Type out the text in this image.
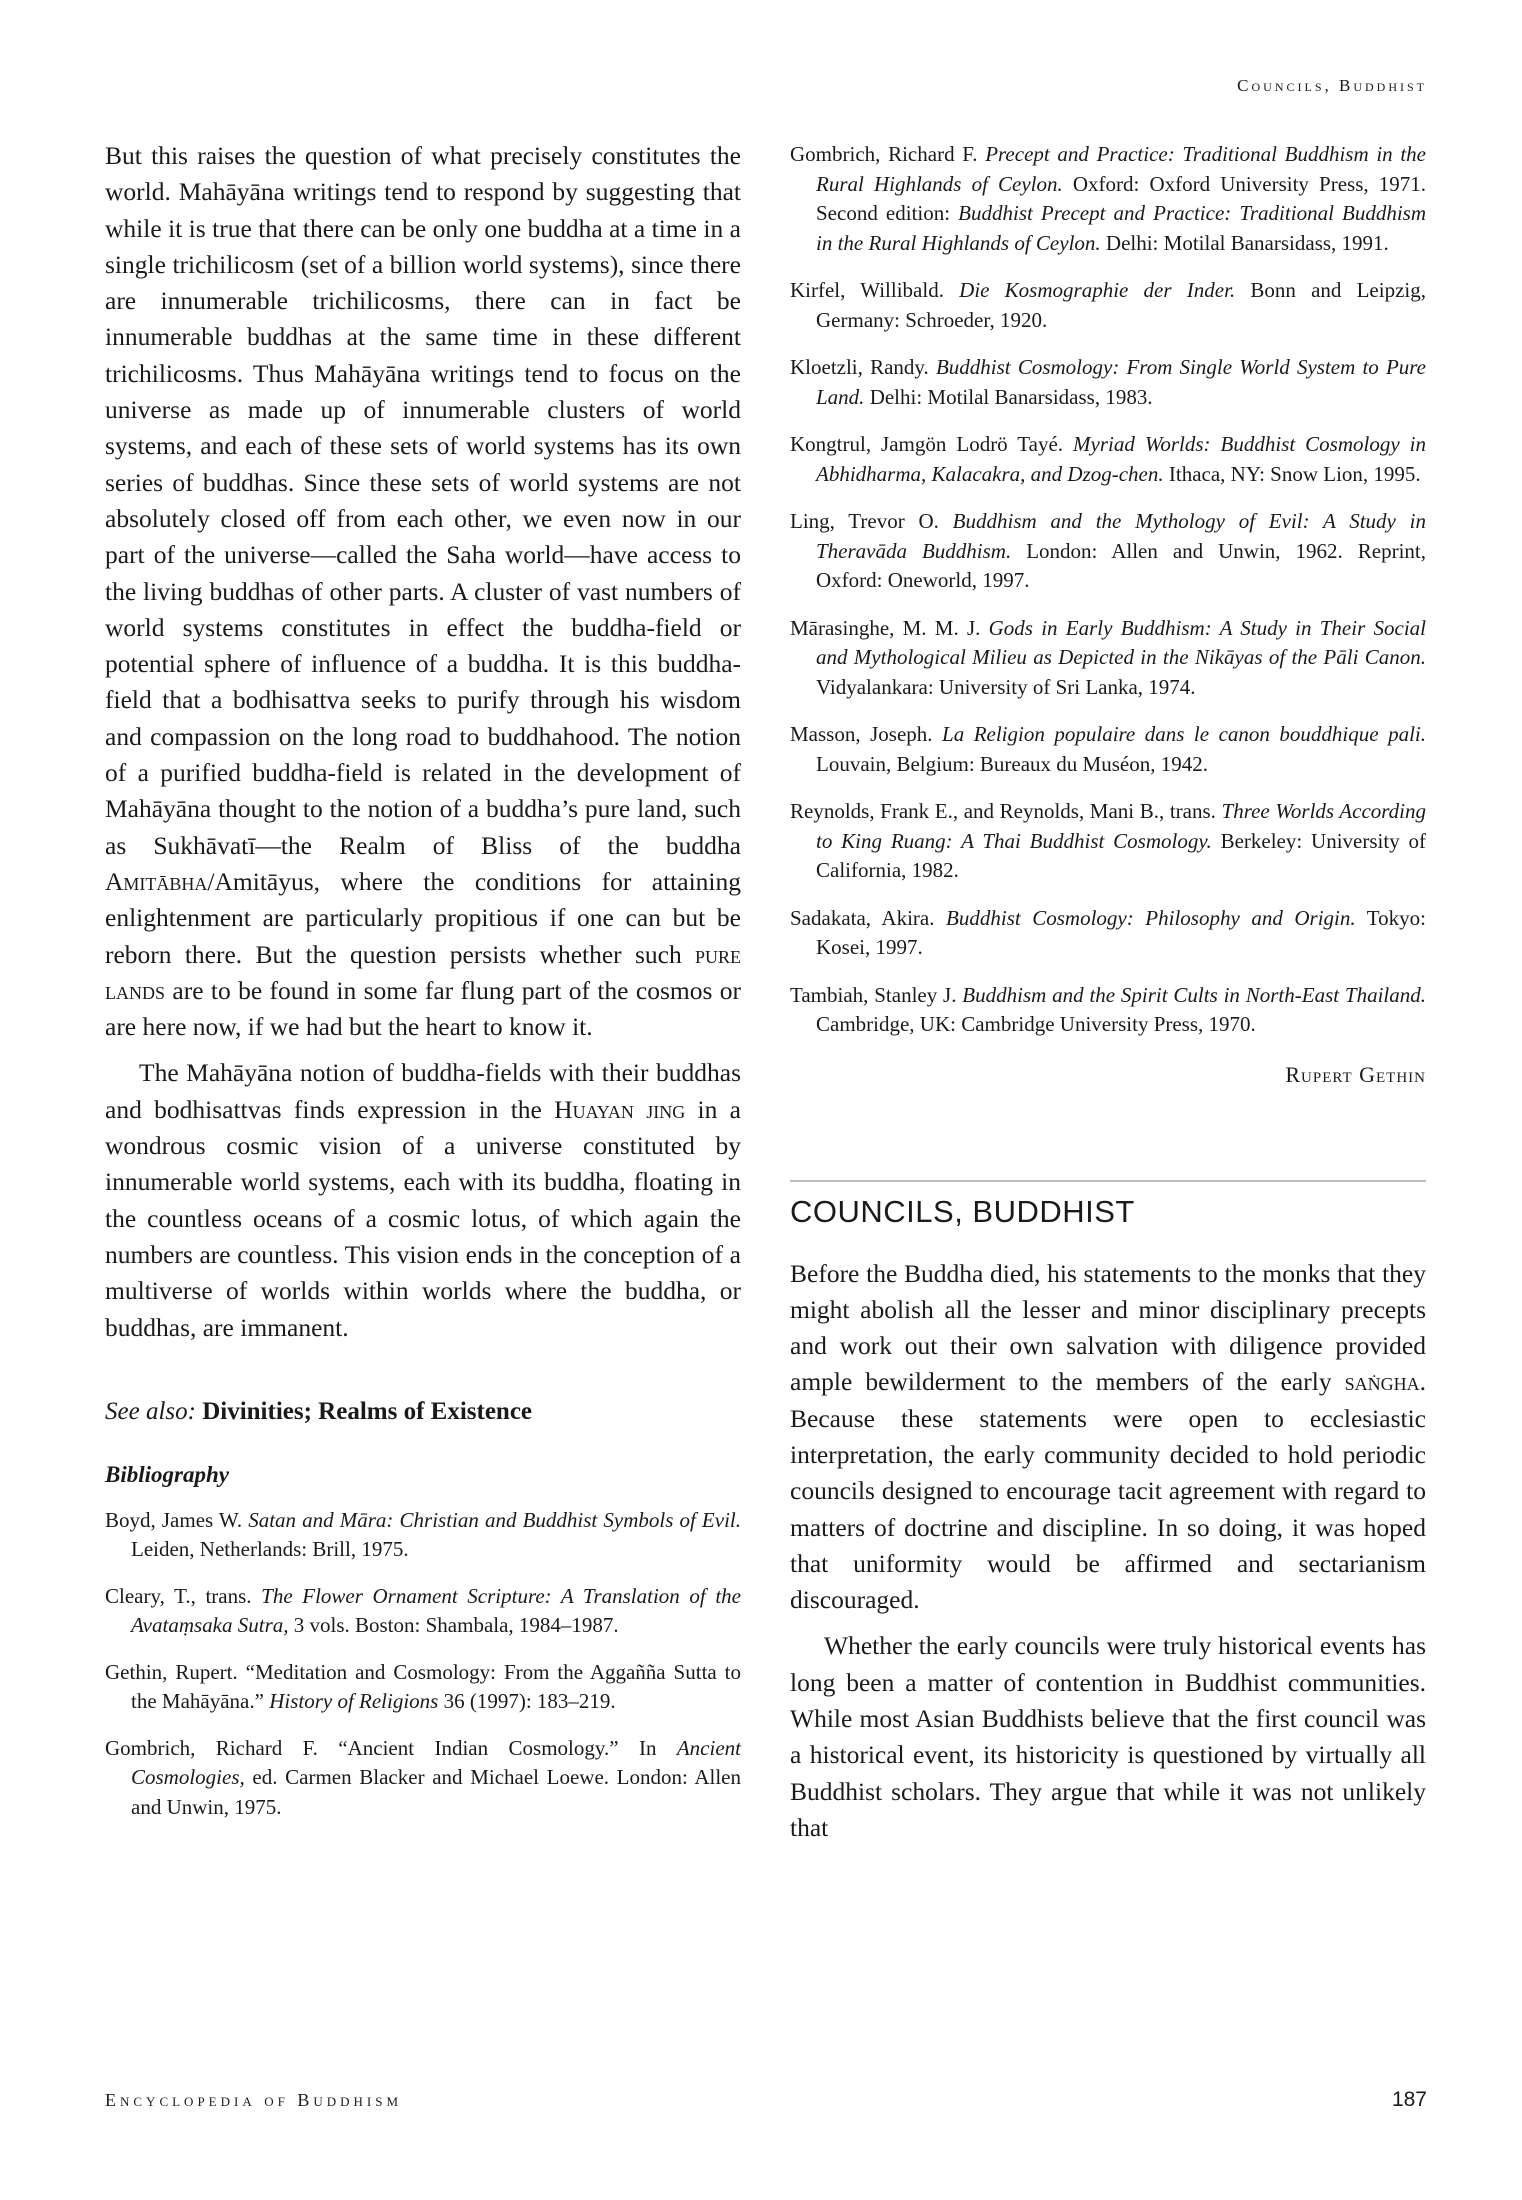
Councils, Buddhist

But this raises the question of what precisely constitutes the world. Mahāyāna writings tend to respond by suggesting that while it is true that there can be only one buddha at a time in a single trichilicosm (set of a billion world systems), since there are innumerable trichilicosms, there can in fact be innumerable buddhas at the same time in these different trichilicosms. Thus Mahāyāna writings tend to focus on the universe as made up of innumerable clusters of world systems, and each of these sets of world systems has its own series of buddhas. Since these sets of world systems are not absolutely closed off from each other, we even now in our part of the universe—called the Saha world—have access to the living buddhas of other parts. A cluster of vast numbers of world systems constitutes in effect the buddha-field or potential sphere of influence of a buddha. It is this buddha-field that a bodhisattva seeks to purify through his wisdom and compassion on the long road to buddhahood. The notion of a purified buddha-field is related in the development of Mahāyāna thought to the notion of a buddha’s pure land, such as Sukhāvatī—the Realm of Bliss of the buddha Amitābha/Amitāyus, where the conditions for attaining enlightenment are particularly propitious if one can but be reborn there. But the question persists whether such pure lands are to be found in some far flung part of the cosmos or are here now, if we had but the heart to know it.

The Mahāyāna notion of buddha-fields with their buddhas and bodhisattvas finds expression in the Huayan jing in a wondrous cosmic vision of a universe constituted by innumerable world systems, each with its buddha, floating in the countless oceans of a cosmic lotus, of which again the numbers are countless. This vision ends in the conception of a multiverse of worlds within worlds where the buddha, or buddhas, are immanent.

See also: Divinities; Realms of Existence
Bibliography
Boyd, James W. Satan and Māra: Christian and Buddhist Symbols of Evil. Leiden, Netherlands: Brill, 1975.
Cleary, T., trans. The Flower Ornament Scripture: A Translation of the Avataṃsaka Sutra, 3 vols. Boston: Shambala, 1984–1987.
Gethin, Rupert. “Meditation and Cosmology: From the Aggañña Sutta to the Mahāyāna.” History of Religions 36 (1997): 183–219.
Gombrich, Richard F. “Ancient Indian Cosmology.” In Ancient Cosmologies, ed. Carmen Blacker and Michael Loewe. London: Allen and Unwin, 1975.
Gombrich, Richard F. Precept and Practice: Traditional Buddhism in the Rural Highlands of Ceylon. Oxford: Oxford University Press, 1971. Second edition: Buddhist Precept and Practice: Traditional Buddhism in the Rural Highlands of Ceylon. Delhi: Motilal Banarsidass, 1991.
Kirfel, Willibald. Die Kosmographie der Inder. Bonn and Leipzig, Germany: Schroeder, 1920.
Kloetzli, Randy. Buddhist Cosmology: From Single World System to Pure Land. Delhi: Motilal Banarsidass, 1983.
Kongtrul, Jamgön Lodrö Tayé. Myriad Worlds: Buddhist Cosmology in Abhidharma, Kalacakra, and Dzog-chen. Ithaca, NY: Snow Lion, 1995.
Ling, Trevor O. Buddhism and the Mythology of Evil: A Study in Theravāda Buddhism. London: Allen and Unwin, 1962. Reprint, Oxford: Oneworld, 1997.
Mārasinghe, M. M. J. Gods in Early Buddhism: A Study in Their Social and Mythological Milieu as Depicted in the Nikāyas of the Pāli Canon. Vidyalankara: University of Sri Lanka, 1974.
Masson, Joseph. La Religion populaire dans le canon bouddhique pali. Louvain, Belgium: Bureaux du Muséon, 1942.
Reynolds, Frank E., and Reynolds, Mani B., trans. Three Worlds According to King Ruang: A Thai Buddhist Cosmology. Berkeley: University of California, 1982.
Sadakata, Akira. Buddhist Cosmology: Philosophy and Origin. Tokyo: Kosei, 1997.
Tambiah, Stanley J. Buddhism and the Spirit Cults in North-East Thailand. Cambridge, UK: Cambridge University Press, 1970.
Rupert Gethin
COUNCILS, BUDDHIST

Before the Buddha died, his statements to the monks that they might abolish all the lesser and minor disciplinary precepts and work out their own salvation with diligence provided ample bewilderment to the members of the early saṅgha. Because these statements were open to ecclesiastic interpretation, the early community decided to hold periodic councils designed to encourage tacit agreement with regard to matters of doctrine and discipline. In so doing, it was hoped that uniformity would be affirmed and sectarianism discouraged.

Whether the early councils were truly historical events has long been a matter of contention in Buddhist communities. While most Asian Buddhists believe that the first council was a historical event, its historicity is questioned by virtually all Buddhist scholars. They argue that while it was not unlikely that

Encyclopedia of Buddhism	187
